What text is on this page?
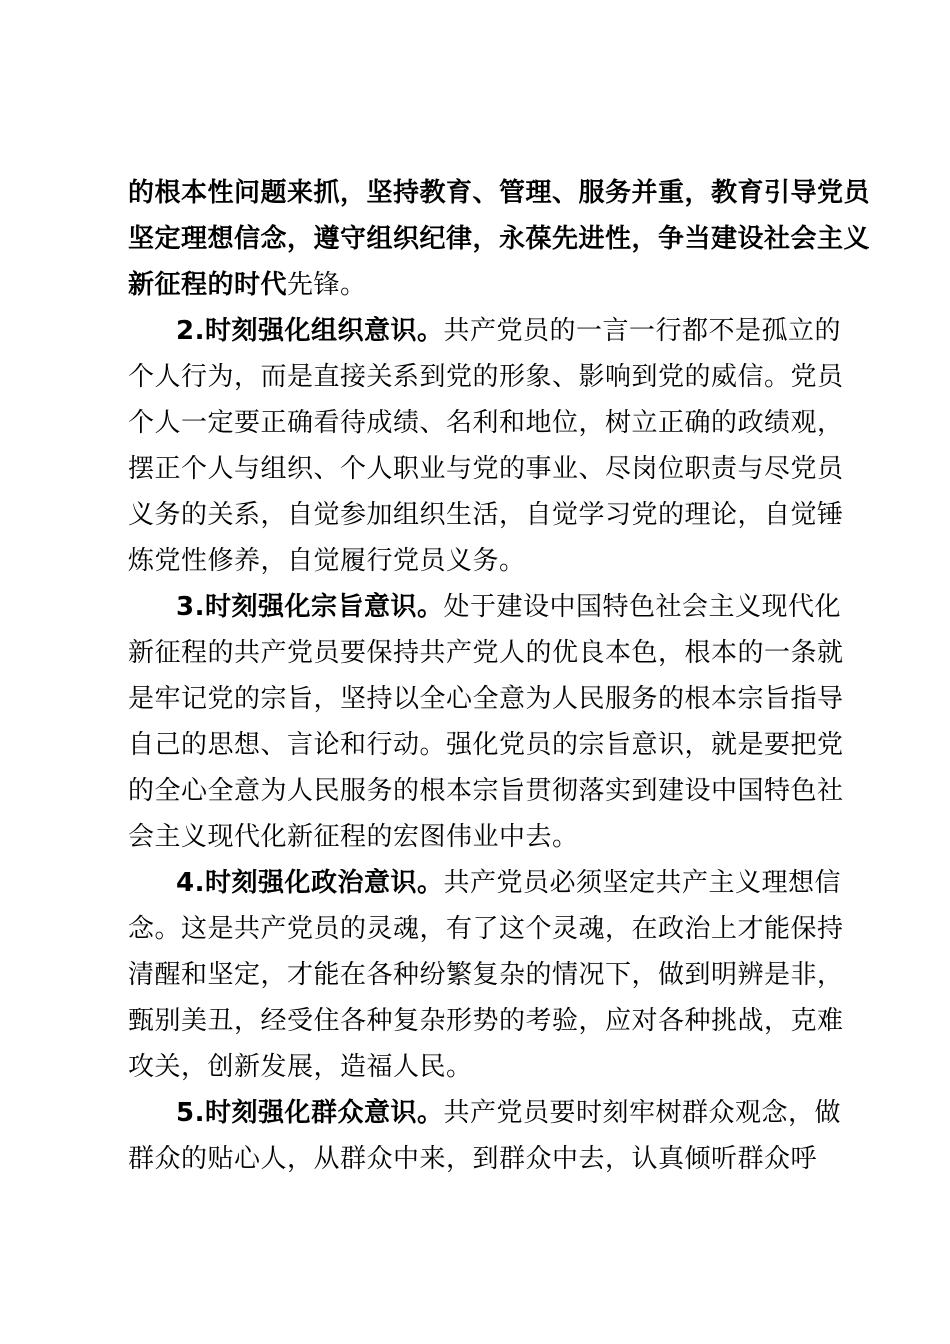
的根本性问题来抓，坚持教育、管理、服务并重，教育引导党员
坚定理想信念，遵守组织纪律，永葆先进性，争当建设社会主义
新征程的时代先锋。
2.时刻强化组织意识。共产党员的一言一行都不是孤立的
个人行为，而是直接关系到党的形象、影响到党的威信。党员
个人一定要正确看待成绩、名利和地位，树立正确的政绩观，
摆正个人与组织、个人职业与党的事业、尽岗位职责与尽党员
义务的关系，自觉参加组织生活，自觉学习党的理论，自觉锤
炼党性修养，自觉履行党员义务。
3.时刻强化宗旨意识。处于建设中国特色社会主义现代化
新征程的共产党员要保持共产党人的优良本色，根本的一条就
是牢记党的宗旨，坚持以全心全意为人民服务的根本宗旨指导
自己的思想、言论和行动。强化党员的宗旨意识，就是要把党
的全心全意为人民服务的根本宗旨贯彻落实到建设中国特色社
会主义现代化新征程的宏图伟业中去。
4.时刻强化政治意识。共产党员必须坚定共产主义理想信
念。这是共产党员的灵魂，有了这个灵魂，在政治上才能保持
清醒和坚定，才能在各种纷繁复杂的情况下，做到明辨是非，
甄别美丑，经受住各种复杂形势的考验，应对各种挑战，克难
攻关，创新发展，造福人民。
5.时刻强化群众意识。共产党员要时刻牢树群众观念，做
群众的贴心人，从群众中来，到群众中去，认真倾听群众呼
